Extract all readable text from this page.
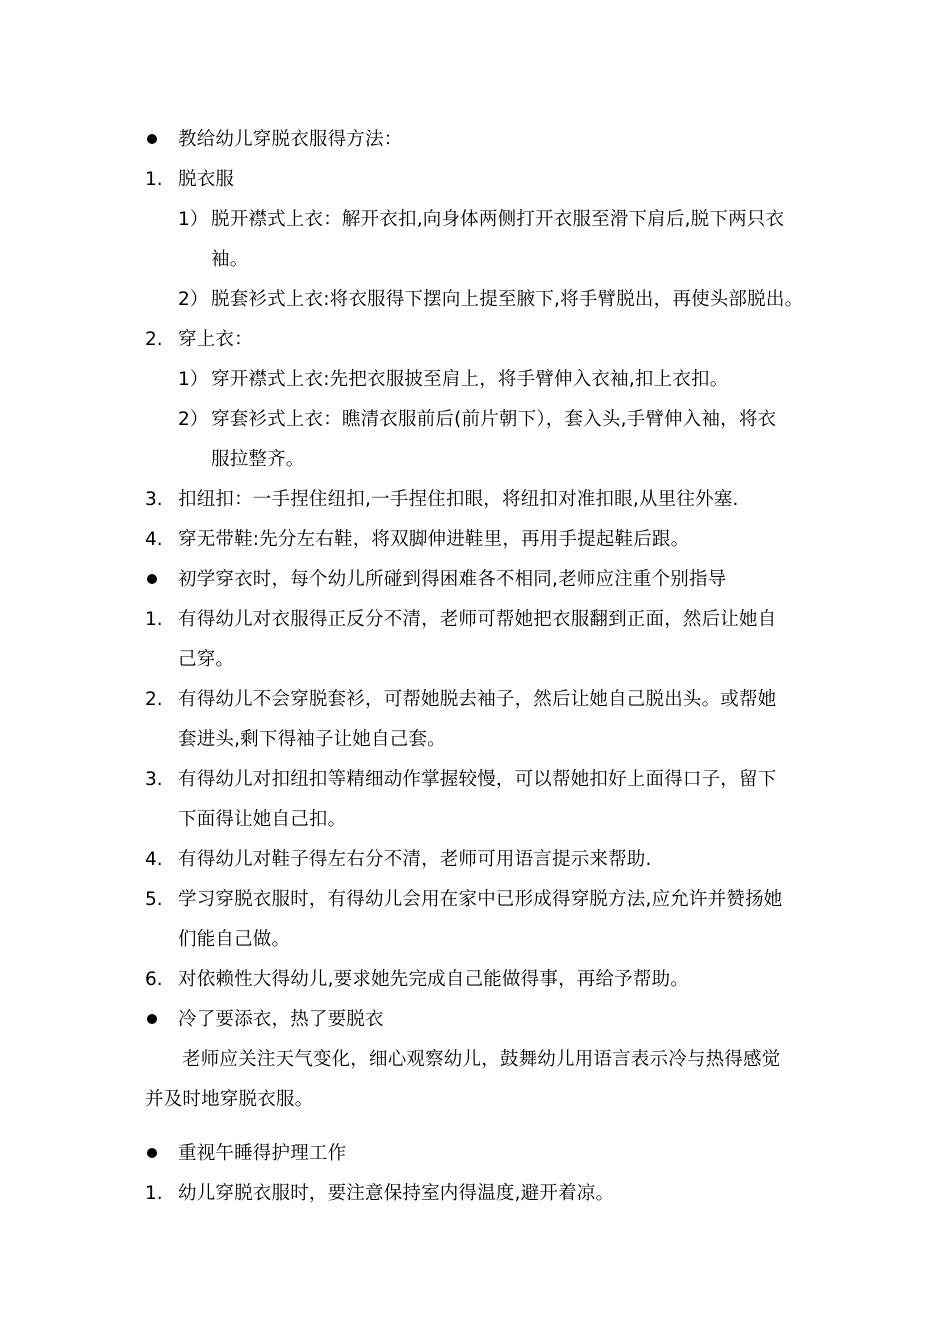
教给幼儿穿脱衣服得方法：
1. 脱衣服
1） 脱开襟式上衣：解开衣扣,向身体两侧打开衣服至滑下肩后,脱下两只衣
袖。
2） 脱套衫式上衣:将衣服得下摆向上提至腋下,将手臂脱出，再使头部脱出。
2. 穿上衣：
1） 穿开襟式上衣:先把衣服披至肩上，将手臂伸入衣袖,扣上衣扣。
2） 穿套衫式上衣：瞧清衣服前后(前片朝下），套入头,手臂伸入袖，将衣
服拉整齐。
3. 扣纽扣：一手捏住纽扣,一手捏住扣眼，将纽扣对准扣眼,从里往外塞.
4. 穿无带鞋:先分左右鞋，将双脚伸进鞋里，再用手提起鞋后跟。
初学穿衣时，每个幼儿所碰到得困难各不相同,老师应注重个别指导
1. 有得幼儿对衣服得正反分不清，老师可帮她把衣服翻到正面，然后让她自
己穿。
2. 有得幼儿不会穿脱套衫，可帮她脱去袖子，然后让她自己脱出头。或帮她
套进头,剩下得袖子让她自己套。
3. 有得幼儿对扣纽扣等精细动作掌握较慢，可以帮她扣好上面得口子，留下
下面得让她自己扣。
4. 有得幼儿对鞋子得左右分不清，老师可用语言提示来帮助.
5. 学习穿脱衣服时，有得幼儿会用在家中已形成得穿脱方法,应允许并赞扬她
们能自己做。
6. 对依赖性大得幼儿,要求她先完成自己能做得事，再给予帮助。
冷了要添衣，热了要脱衣
老师应关注天气变化，细心观察幼儿，鼓舞幼儿用语言表示冷与热得感觉
并及时地穿脱衣服。
重视午睡得护理工作
1. 幼儿穿脱衣服时，要注意保持室内得温度,避开着凉。
